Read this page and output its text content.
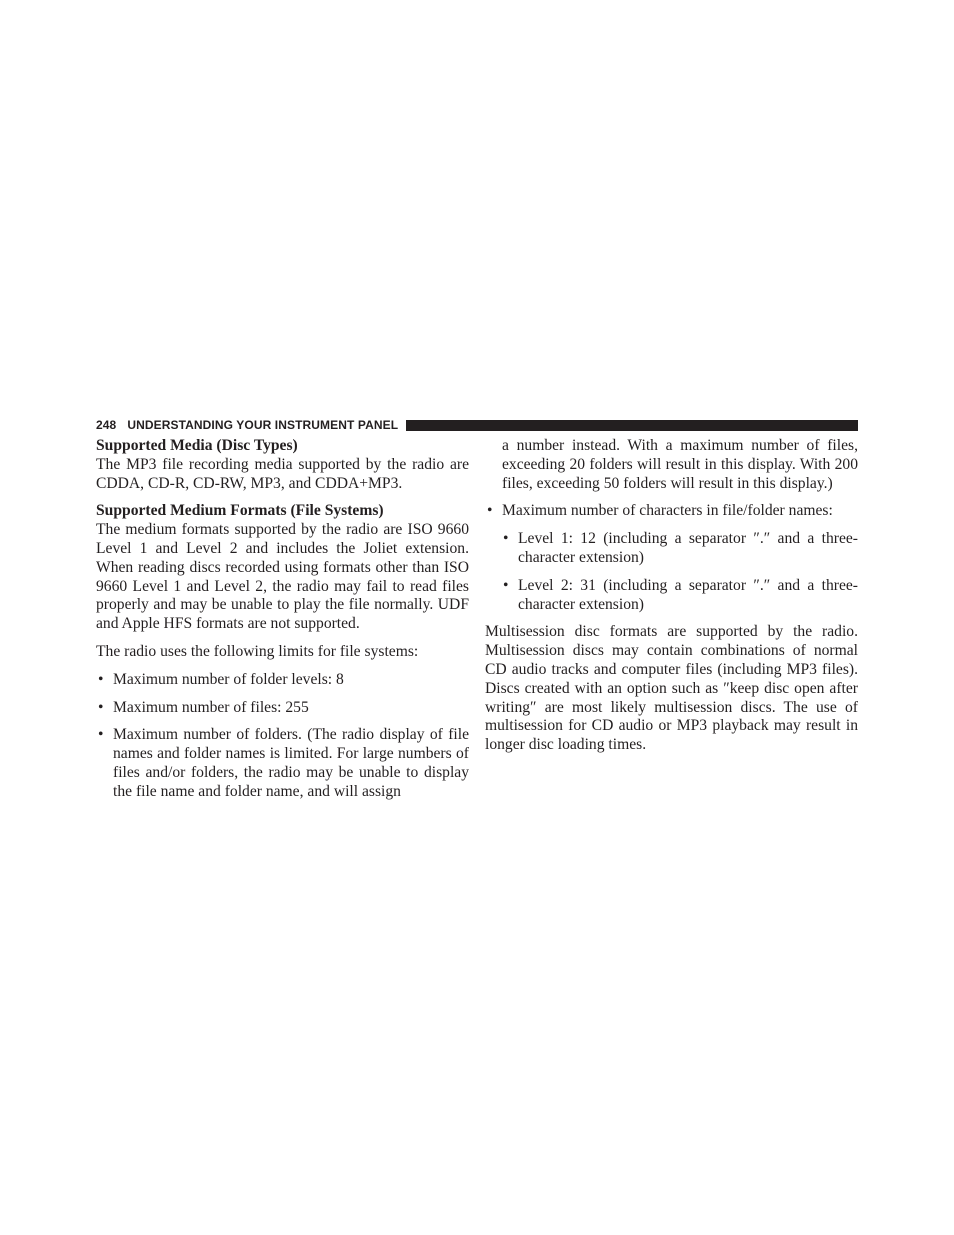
248 UNDERSTANDING YOUR INSTRUMENT PANEL

Supported Media (Disc Types)

The MP3 file recording media supported by the radio are CDDA, CD-R, CD-RW, MP3, and CDDA+MP3.

Supported Medium Formats (File Systems)

The medium formats supported by the radio are ISO 9660 Level 1 and Level 2 and includes the Joliet extension. When reading discs recorded using formats other than ISO 9660 Level 1 and Level 2, the radio may fail to read files properly and may be unable to play the file normally. UDF and Apple HFS formats are not supported.

The radio uses the following limits for file systems:

• Maximum number of folder levels: 8
• Maximum number of files: 255
• Maximum number of folders. (The radio display of file names and folder names is limited. For large numbers of files and/or folders, the radio may be unable to display the file name and folder name, and will assign

a number instead. With a maximum number of files, exceeding 20 folders will result in this display. With 200 files, exceeding 50 folders will result in this display.)

• Maximum number of characters in file/folder names:
• Level 1: 12 (including a separator ″.″ and a three-character extension)
• Level 2: 31 (including a separator ″.″ and a three-character extension)

Multisession disc formats are supported by the radio. Multisession discs may contain combinations of normal CD audio tracks and computer files (including MP3 files). Discs created with an option such as ″keep disc open after writing″ are most likely multisession discs. The use of multisession for CD audio or MP3 playback may result in longer disc loading times.
